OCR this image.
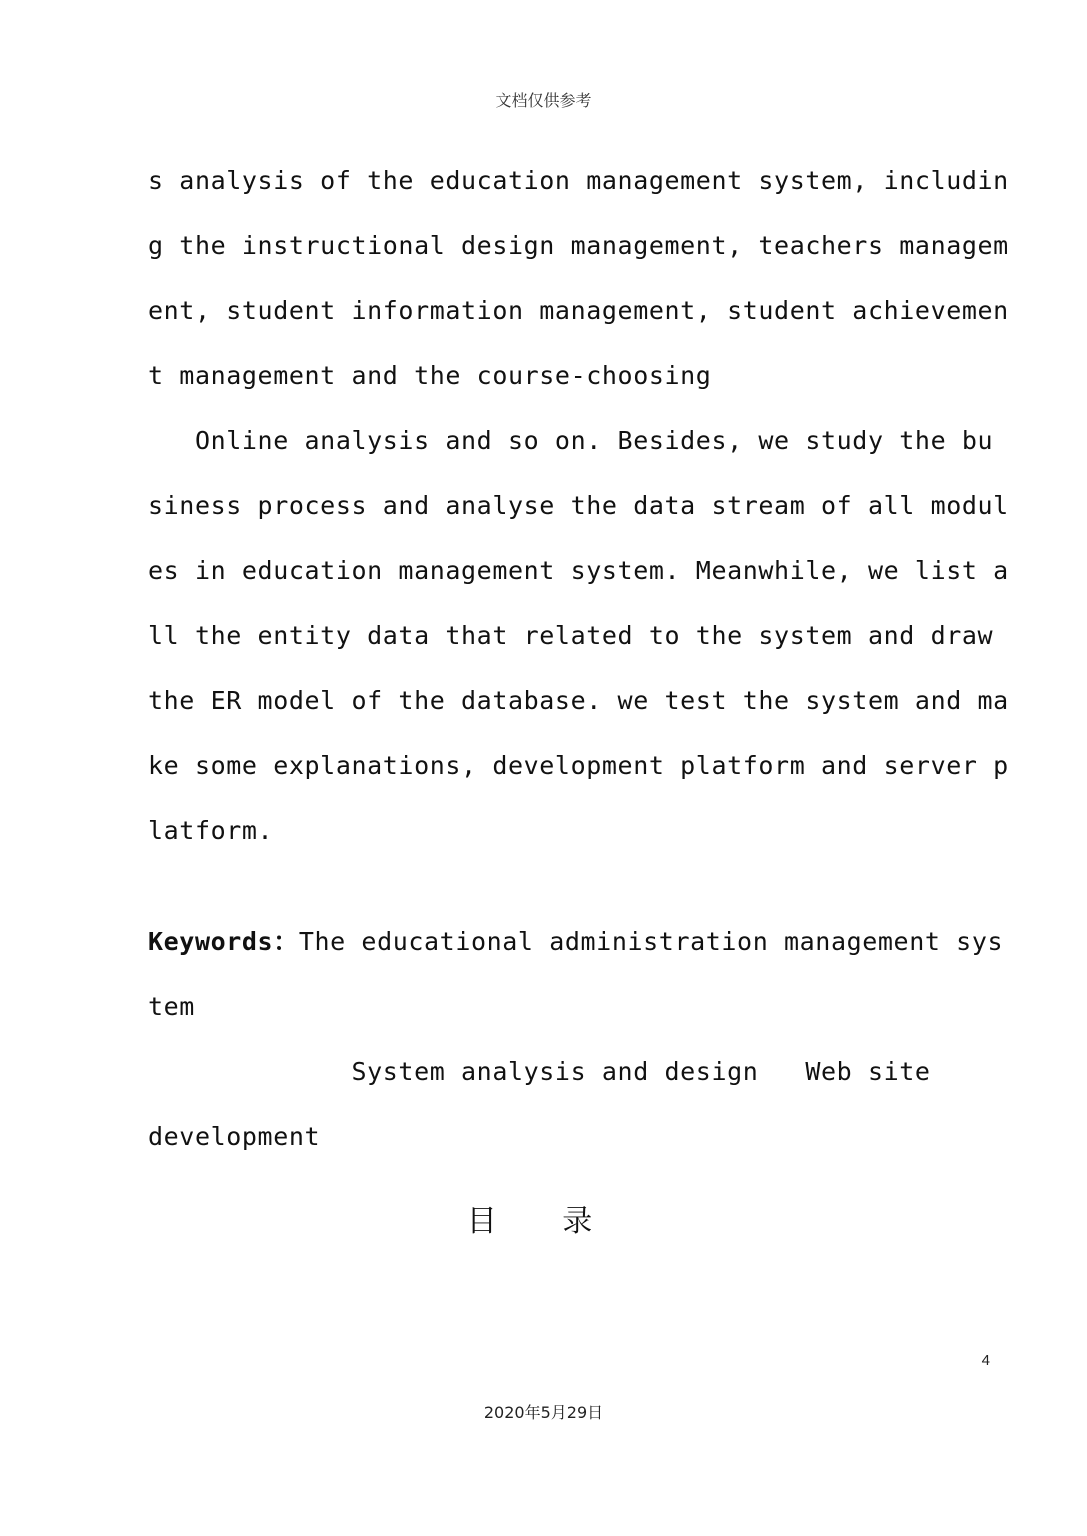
文档仅供参考
s analysis of the education management system, includin
g the instructional design management, teachers managem
ent, student information management, student achievemen
t management and the course-choosing
Online analysis and so on. Besides, we study the bu
siness process and analyse the data stream of all modul
es in education management system. Meanwhile, we list a
ll the entity data that related to the system and draw
the ER model of the database. we test the system and ma
ke some explanations, development platform and server p
latform.
Keywords：The educational administration management sys
tem
System analysis and design   Web site
development
目 录
4
2020年5月29日
